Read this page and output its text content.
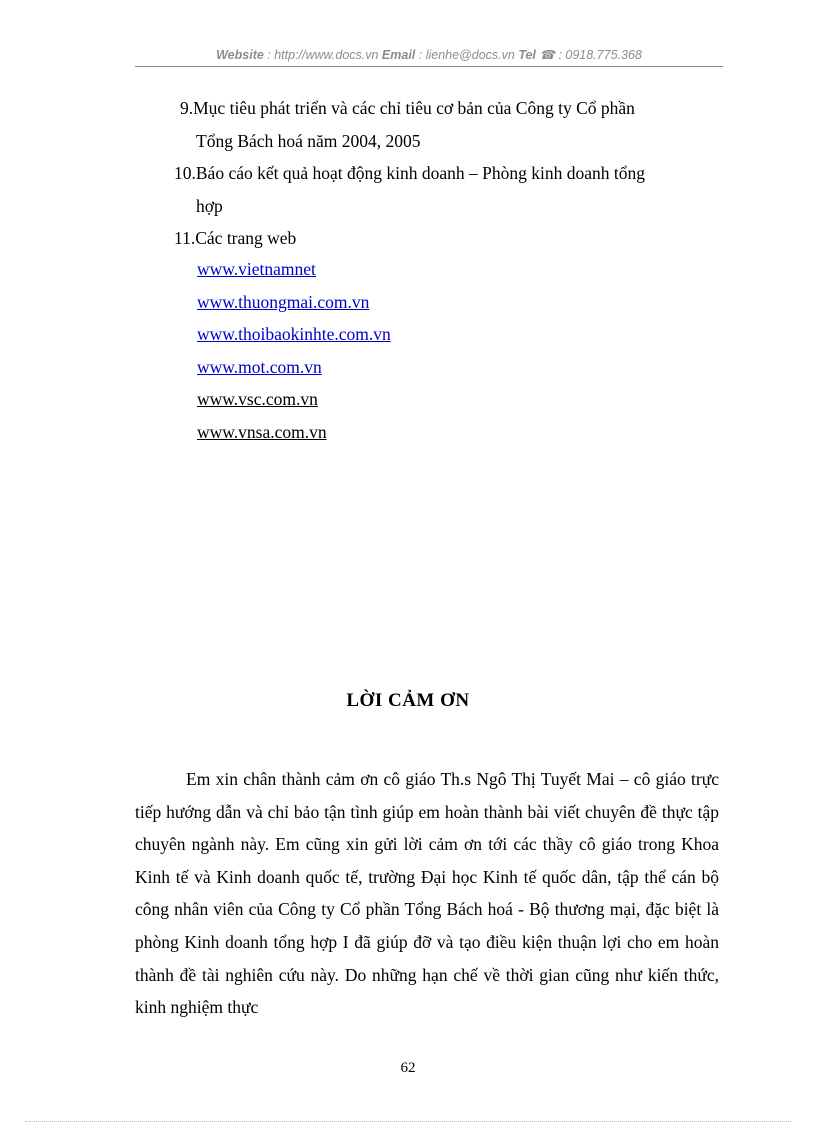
Website : http://www.docs.vn Email : lienhe@docs.vn Tel ☎ : 0918.775.368
9. Mục tiêu phát triển và các chỉ tiêu cơ bản của Công ty Cổ phần
Tổng Bách hoá năm 2004, 2005
10. Báo cáo kết quả hoạt động kinh doanh – Phòng kinh doanh tổng
hợp
11. Các trang web
www.vietnamnet
www.thuongmai.com.vn
www.thoibaokinhte.com.vn
www.mot.com.vn
www.vsc.com.vn
www.vnsa.com.vn
LỜI CẢM ƠN
Em xin chân thành cảm ơn cô giáo Th.s Ngô Thị Tuyết Mai – cô giáo trực tiếp hướng dẫn và chỉ bảo tận tình giúp em hoàn thành bài viết chuyên đề thực tập chuyên ngành này. Em cũng xin gửi lời cảm ơn tới các thầy cô giáo trong Khoa Kinh tế và Kinh doanh quốc tế, trường Đại học Kinh tế quốc dân, tập thể cán bộ công nhân viên của Công ty Cổ phần Tổng Bách hoá - Bộ thương mại, đặc biệt là phòng Kinh doanh tổng hợp I đã giúp đỡ và tạo điều kiện thuận lợi cho em hoàn thành đề tài nghiên cứu này. Do những hạn chế về thời gian cũng như kiến thức, kinh nghiệm thực
62
